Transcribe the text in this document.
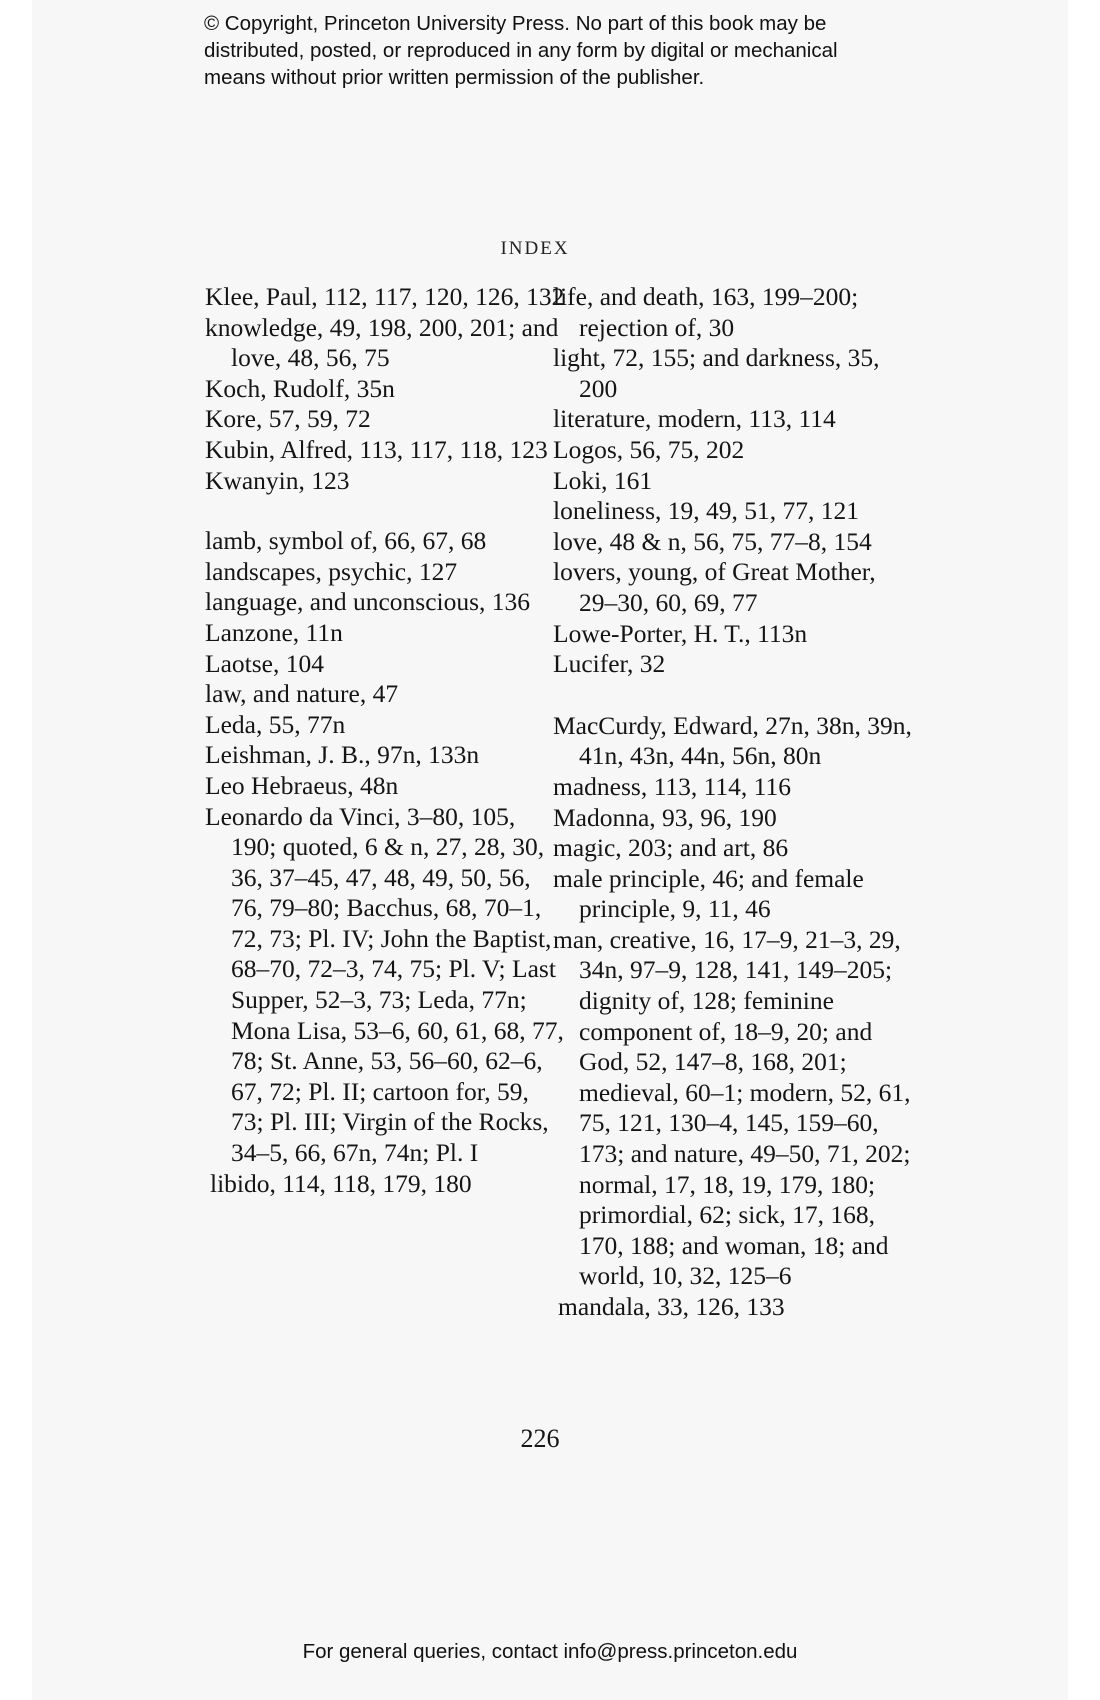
© Copyright, Princeton University Press. No part of this book may be
distributed, posted, or reproduced in any form by digital or mechanical
means without prior written permission of the publisher.
INDEX
Klee, Paul, 112, 117, 120, 126, 132
knowledge, 49, 198, 200, 201; and love, 48, 56, 75
Koch, Rudolf, 35n
Kore, 57, 59, 72
Kubin, Alfred, 113, 117, 118, 123
Kwanyin, 123
lamb, symbol of, 66, 67, 68
landscapes, psychic, 127
language, and unconscious, 136
Lanzone, 11n
Laotse, 104
law, and nature, 47
Leda, 55, 77n
Leishman, J. B., 97n, 133n
Leo Hebraeus, 48n
Leonardo da Vinci, 3–80, 105, 190; quoted, 6 & n, 27, 28, 30, 36, 37–45, 47, 48, 49, 50, 56, 76, 79–80; Bacchus, 68, 70–1, 72, 73; Pl. IV; John the Baptist, 68–70, 72–3, 74, 75; Pl. V; Last Supper, 52–3, 73; Leda, 77n; Mona Lisa, 53–6, 60, 61, 68, 77, 78; St. Anne, 53, 56–60, 62–6, 67, 72; Pl. II; cartoon for, 59, 73; Pl. III; Virgin of the Rocks, 34–5, 66, 67n, 74n; Pl. I
libido, 114, 118, 179, 180
life, and death, 163, 199–200; rejection of, 30
light, 72, 155; and darkness, 35, 200
literature, modern, 113, 114
Logos, 56, 75, 202
Loki, 161
loneliness, 19, 49, 51, 77, 121
love, 48 & n, 56, 75, 77–8, 154
lovers, young, of Great Mother, 29–30, 60, 69, 77
Lowe-Porter, H. T., 113n
Lucifer, 32
MacCurdy, Edward, 27n, 38n, 39n, 41n, 43n, 44n, 56n, 80n
madness, 113, 114, 116
Madonna, 93, 96, 190
magic, 203; and art, 86
male principle, 46; and female principle, 9, 11, 46
man, creative, 16, 17–9, 21–3, 29, 34n, 97–9, 128, 141, 149–205; dignity of, 128; feminine component of, 18–9, 20; and God, 52, 147–8, 168, 201; medieval, 60–1; modern, 52, 61, 75, 121, 130–4, 145, 159–60, 173; and nature, 49–50, 71, 202; normal, 17, 18, 19, 179, 180; primordial, 62; sick, 17, 168, 170, 188; and woman, 18; and world, 10, 32, 125–6
mandala, 33, 126, 133
226
For general queries, contact info@press.princeton.edu
